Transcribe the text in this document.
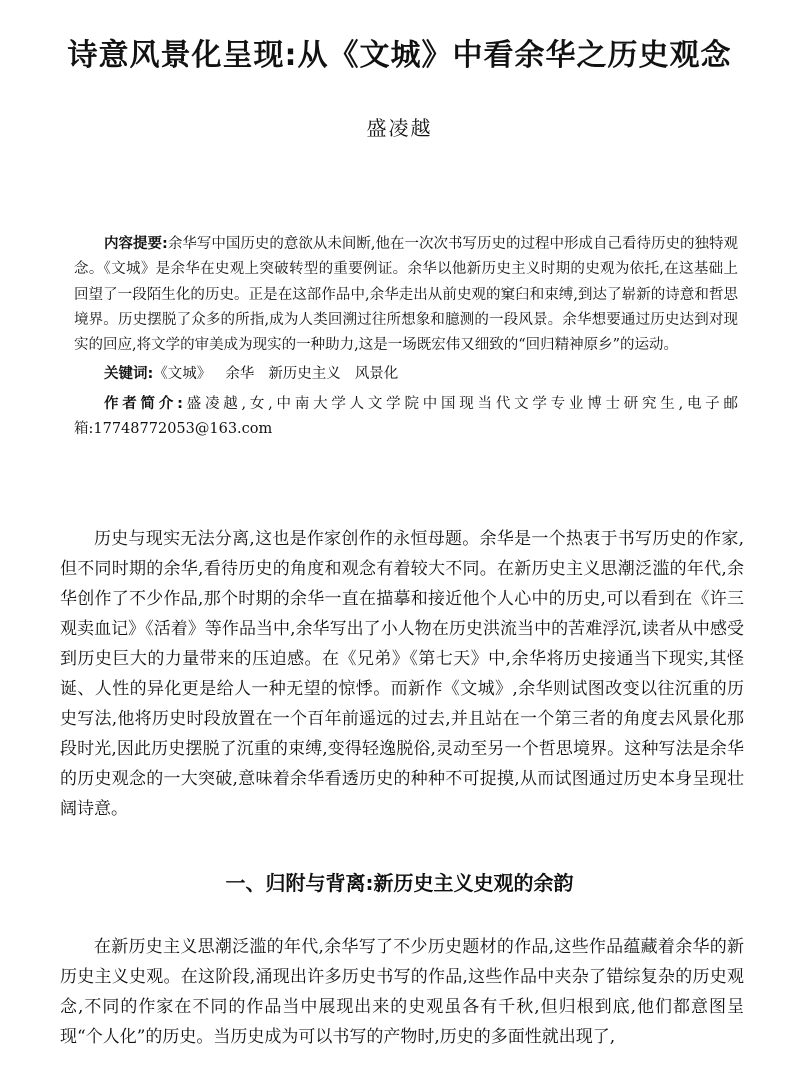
诗意风景化呈现:从《文城》中看余华之历史观念
盛凌越

内容提要:余华写中国历史的意欲从未间断,他在一次次书写历史的过程中形成自己看待历史的独特观念。《文城》是余华在史观上突破转型的重要例证。余华以他新历史主义时期的史观为依托,在这基础上回望了一段陌生化的历史。正是在这部作品中,余华走出从前史观的窠臼和束缚,到达了崭新的诗意和哲思境界。历史摆脱了众多的所指,成为人类回溯过往所想象和臆测的一段风景。余华想要通过历史达到对现实的回应,将文学的审美成为现实的一种助力,这是一场既宏伟又细致的“回归精神原乡”的运动。

关键词:《文城》 余华 新历史主义 风景化

作者简介:盛凌越,女,中南大学人文学院中国现当代文学专业博士研究生,电子邮箱:17748772053@163.com

历史与现实无法分离,这也是作家创作的永恒母题。余华是一个热衷于书写历史的作家,但不同时期的余华,看待历史的角度和观念有着较大不同。在新历史主义思潮泛滥的年代,余华创作了不少作品,那个时期的余华一直在描摹和接近他个人心中的历史,可以看到在《许三观卖血记》《活着》等作品当中,余华写出了小人物在历史洪流当中的苦难浮沉,读者从中感受到历史巨大的力量带来的压迫感。在《兄弟》《第七天》中,余华将历史接通当下现实,其怪诞、人性的异化更是给人一种无望的惊悸。而新作《文城》,余华则试图改变以往沉重的历史写法,他将历史时段放置在一个百年前遥远的过去,并且站在一个第三者的角度去风景化那段时光,因此历史摆脱了沉重的束缚,变得轻逸脱俗,灵动至另一个哲思境界。这种写法是余华的历史观念的一大突破,意味着余华看透历史的种种不可捉摸,从而试图通过历史本身呈现壮阔诗意。

一、归附与背离:新历史主义史观的余韵

在新历史主义思潮泛滥的年代,余华写了不少历史题材的作品,这些作品蕴藏着余华的新历史主义史观。在这阶段,涌现出许多历史书写的作品,这些作品中夹杂了错综复杂的历史观念,不同的作家在不同的作品当中展现出来的史观虽各有千秋,但归根到底,他们都意图呈现“个人化”的历史。当历史成为可以书写的产物时,历史的多面性就出现了,
